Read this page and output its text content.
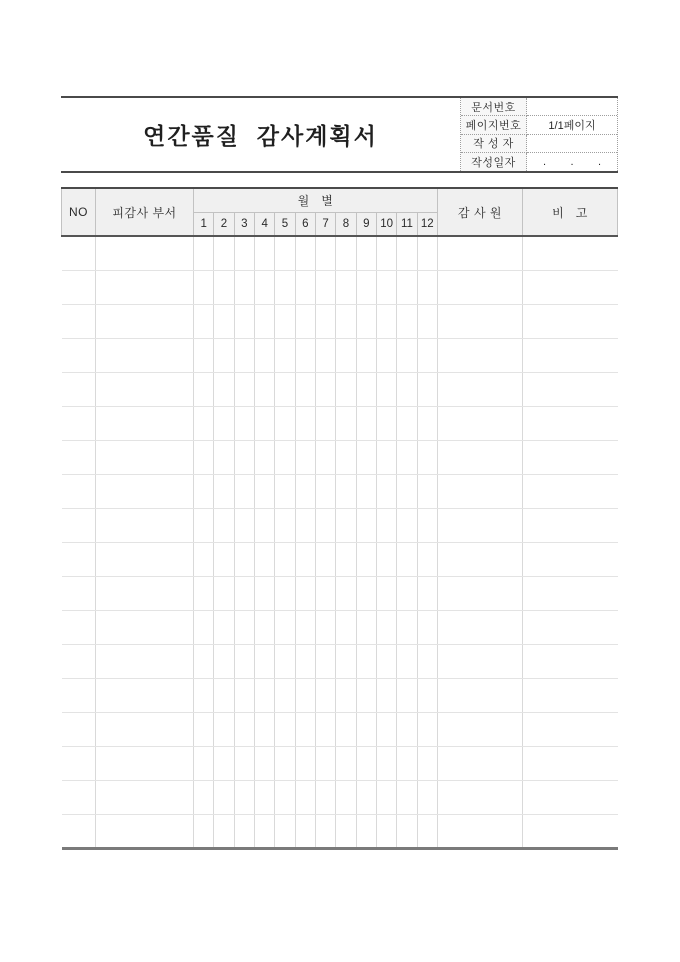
연간품질  감사계획서
문서번호
페이지번호	1/1페이지
작 성 자
작성일자	.        .        .
NO	피감사 부서	월   별												감 사 원	비   고
		1	2	3	4	5	6	7	8	9	10	11	12		
